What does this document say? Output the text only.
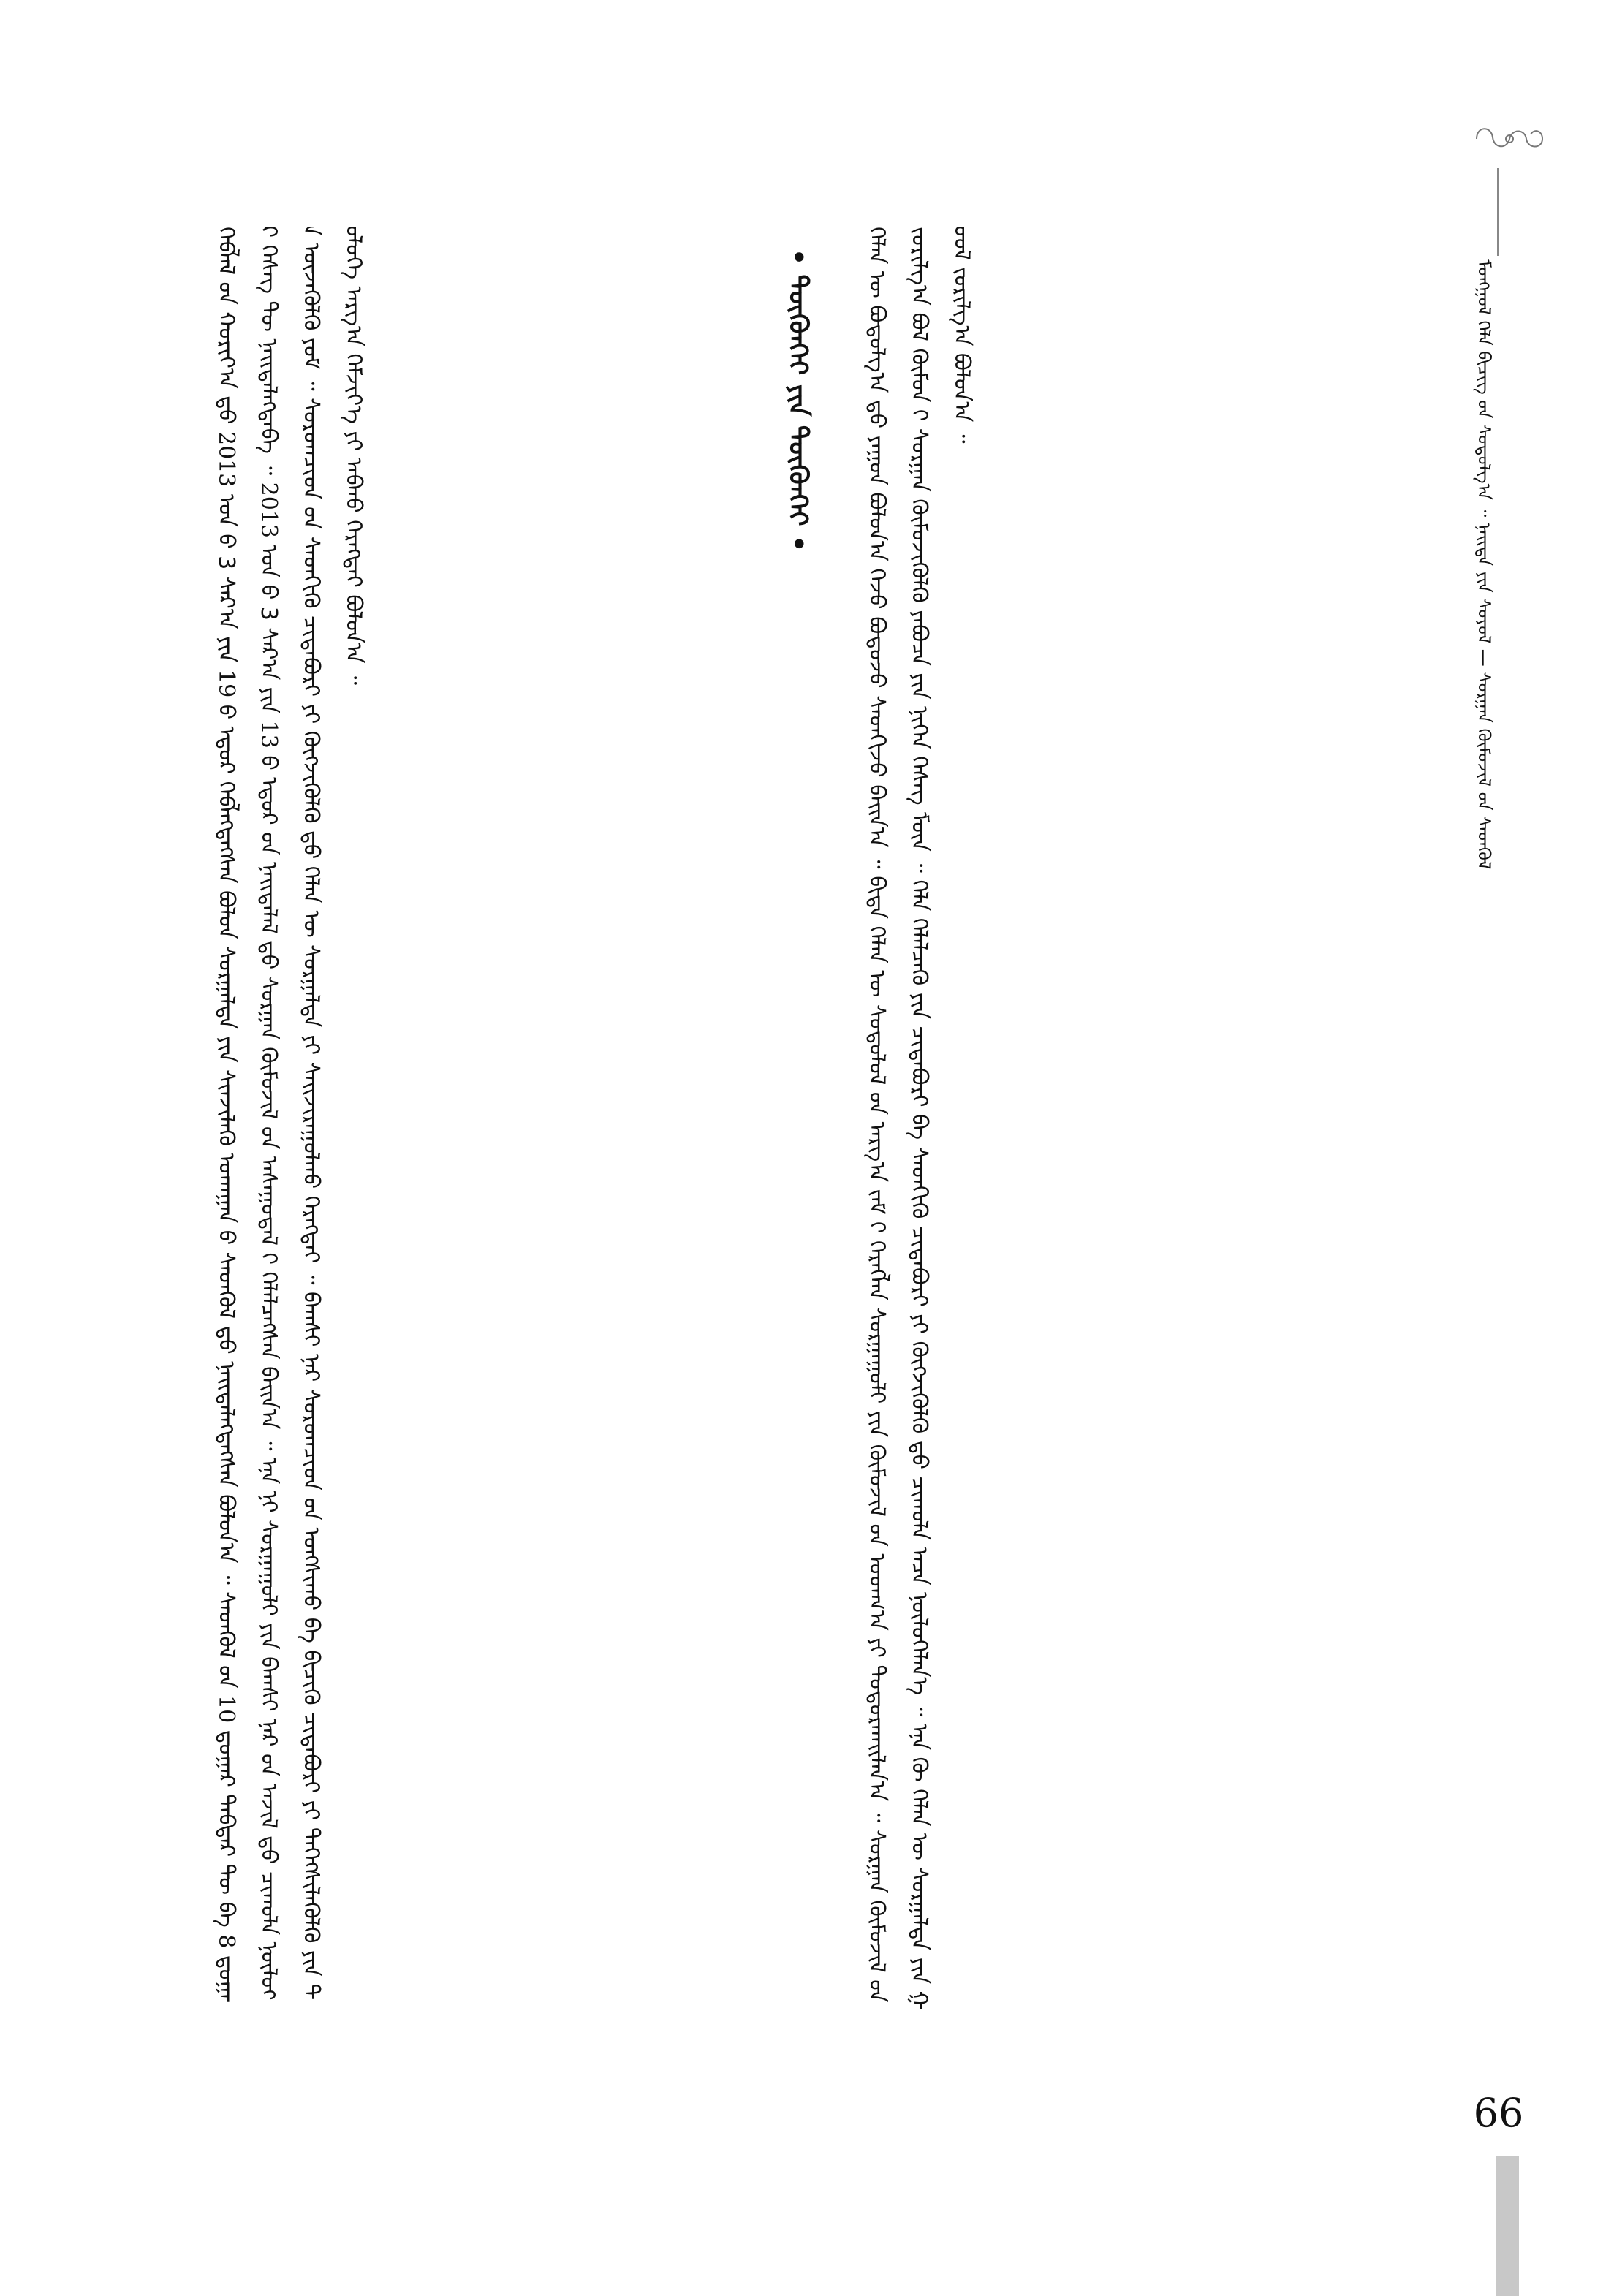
ᠮᠣᠩᠭᠣᠯ ᠬᠡᠯᠡ ᠪᠢᠴᠢᠭ ᠤ᠋ᠨ ᠰᠤᠳᠤᠯᠭ᠎ᠠ ᠃ ᠨᠡᠢᠲᠡ ᠶᠢᠨ ᠰᠣᠶᠣᠯ — ᠰᠤᠷᠭᠠᠨ ᠬᠦᠮᠦᠵᠢᠯ ᠦ᠋ᠨ ᠰᠡᠳᠬᠦᠯ
ᠬᠡᠯᠡᠨ ᠦ ᠪᠣᠳᠣᠯᠭ᠎ᠠ ᠳ᠋ᠤ ᠶᠠᠭᠤᠨ ᠪᠣᠯᠤᠨ᠎ᠠ ᠭᠡᠵᠦ ᠪᠣᠳᠣᠵᠤ ᠰᠡᠳᠬᠢᠵᠦ ᠪᠠᠢᠨ᠎ᠠ ᠃ ᠪᠢᠳᠡ ᠬᠡᠯᠡᠨ ᠦ ᠰᠤᠳᠤᠯᠤᠯ ᠤ᠋ᠨ ᠠᠷᠭ᠎ᠠ ᠵᠠᠮ ᠢ᠋ ᠬᠡᠷᠡᠭᠯᠡᠨ ᠰᠤᠷᠭᠠᠭᠤᠯᠢ ᠶᠢᠨ ᠬᠦᠮᠦᠵᠢᠯ ᠦ᠋ᠨ ᠤᠳᠬ᠎ᠠ ᠶᠢ ᠲᠣᠳᠤᠷᠬᠠᠢᠯᠠᠨ᠎ᠠ ᠃ ᠰᠤᠷᠭᠠᠨ ᠬᠦᠮᠦᠵᠢᠯ ᠦ᠋ᠨ ᠵᠣᠷᠢᠯᠭ᠎ᠠ ᠪᠣᠯ ᠬᠦᠮᠦᠨ ᠢ᠋ ᠰᠤᠷᠭᠠᠨ ᠬᠦᠮᠦᠵᠢᠭᠦᠯᠬᠦ ᠶᠠᠪᠤᠴᠠ ᠶᠢᠨ ᠨᠢᠭᠡᠨ ᠬᠡᠰᠡᠭ ᠮᠥᠨ ᠃ ᠬᠡᠯᠡ ᠬᠡᠯᠡᠯᠴᠡᠬᠦ ᠶᠢᠨ ᠴᠢᠳᠠᠪᠤᠷᠢ ᠪᠠ ᠰᠡᠳᠬᠢᠬᠦ ᠴᠢᠳᠠᠪᠤᠷᠢ ᠶᠢ ᠬᠥᠭᠵᠢᠭᠦᠯᠬᠦ ᠳ᠋ᠤ ᠴᠢᠬᠤᠯᠠ ᠠᠴᠠ ᠨᠥᠯᠦᠭᠡᠯᠡᠨ᠎ᠡ ᠃ ᠡᠨᠡ ᠬᠦ ᠬᠡᠯᠡᠨ ᠦ ᠰᠤᠷᠭᠠᠯᠲᠠ ᠶᠢᠨ ᠭᠣᠣᠯ ᠵᠣᠷᠢᠯᠭ᠎ᠠ ᠪᠣᠯᠤᠨ᠎ᠠ ᠃
• ᠳᠦᠭᠦᠨᠬᠡᠢ ᠶᠢᠨ ᠳᠦᠭᠦᠨᠬᠡᠢ •
ᠬᠡᠪᠯᠡᠯ ᠦ᠋ᠨ ᠬᠣᠷᠢᠶ᠎ᠠ ᠳ᠋ᠤ 2013 ᠣᠨ ᠤ᠋ 3 ᠰᠠᠷ᠎ᠠ ᠶᠢᠨ 19 ᠤ᠋ ᠡᠳᠦᠷ ᠬᠡᠪᠯᠡᠭᠳᠡᠭᠰᠡᠨ ᠪᠤᠯᠤᠨ ᠰᠤᠷᠭᠠᠯᠲᠠ ᠶᠢᠨ ᠰᠢᠨᠵᠢᠯᠡᠬᠦ ᠤᠬᠠᠭᠠᠨ ᠤ᠋ ᠰᠡᠳᠬᠦᠯ ᠳ᠋ᠦ ᠨᠡᠢᠲᠡᠯᠡᠭᠳᠡᠭᠰᠡᠨ ᠪᠣᠯᠤᠨ᠎ᠠ ᠃ ᠰᠡᠳᠬᠦᠯ ᠦ᠋ᠨ 10 ᠳ᠋ᠤᠭᠠᠷ ᠳᠡᠪᠲᠡᠷ ᠲᠦ ᠪᠠ 8 ᠳ᠋ᠤᠭᠠᠷ ᠬᠡᠰᠡᠭ ᠲᠦ ᠨᠡᠢᠲᠡᠯᠡᠭᠳᠡᠪᠡ ᠃ 2013 ᠣᠨ ᠤ᠋ 3 ᠰᠠᠷ᠎ᠠ ᠶᠢᠨ 13 ᠤ᠋ ᠡᠳᠦᠷ ᠤ᠋ᠨ ᠨᠡᠢᠲᠡᠯᠡᠯ ᠳ᠋ᠦ ᠰᠤᠷᠭᠠᠨ ᠬᠦᠮᠦᠵᠢᠯ ᠦ᠋ᠨ ᠠᠰᠠᠭᠤᠳᠠᠯ ᠢ᠋ ᠬᠡᠯᠡᠯᠴᠡᠭᠰᠡᠨ ᠪᠠᠢᠨ᠎ᠠ ᠃ ᠡᠨᠡ ᠨᠢ ᠰᠤᠷᠭᠠᠭᠤᠯᠢ ᠶᠢᠨ ᠪᠠᠭᠰᠢ ᠨᠠᠷ ᠤ᠋ᠨ ᠠᠵᠢᠯ ᠳ᠋ᠤ ᠴᠢᠬᠤᠯᠠ ᠨᠥᠯᠦᠭᠡ ᠦᠵᠡᠭᠦᠯᠬᠦ ᠶᠤᠮ ᠃ ᠰᠤᠷᠤᠭᠴᠢᠳ ᠤ᠋ᠨ ᠰᠡᠳᠬᠢᠬᠦ ᠴᠢᠳᠠᠪᠤᠷᠢ ᠶᠢ ᠬᠥᠭᠵᠢᠭᠦᠯᠬᠦ ᠳ᠋ᠤ ᠬᠡᠯᠡᠨ ᠦ ᠰᠤᠷᠭᠠᠯᠲᠠ ᠶᠢ ᠰᠠᠢᠵᠢᠷᠠᠭᠤᠯᠬᠤ ᠬᠡᠷᠡᠭᠲᠡᠢ ᠃ ᠪᠠᠭᠰᠢ ᠨᠠᠷ ᠰᠤᠷᠤᠭᠴᠢᠳ ᠤ᠋ᠨ ᠤᠩᠰᠢᠬᠤ ᠪᠠ ᠪᠢᠴᠢᠬᠦ ᠴᠢᠳᠠᠪᠤᠷᠢ ᠶᠢ ᠳᠡᠭᠡᠭᠰᠢᠯᠡᠭᠦᠯᠬᠦ ᠶᠢᠨ ᠲᠥᠯᠦᠭᠡ ᠠᠷᠭ᠎ᠠ ᠬᠡᠮᠵᠢᠶ᠎ᠡ ᠶᠢ ᠠᠪᠬᠤ ᠬᠡᠷᠡᠭᠲᠡᠢ ᠪᠣᠯᠤᠨ᠎ᠠ ᠃
99
